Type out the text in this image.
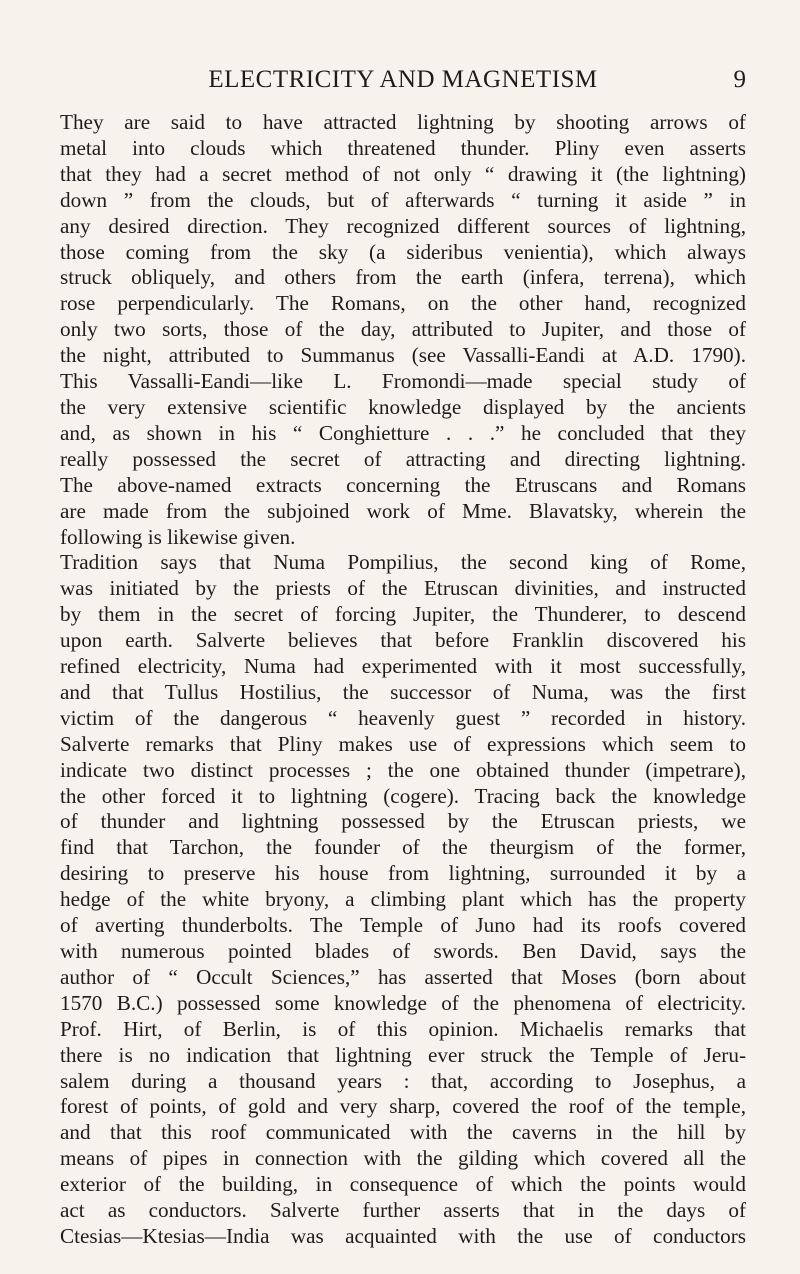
ELECTRICITY AND MAGNETISM	9
They are said to have attracted lightning by shooting arrows of
metal into clouds which threatened thunder. Pliny even asserts
that they had a secret method of not only “ drawing it (the lightning)
down ” from the clouds, but of afterwards “ turning it aside ” in
any desired direction. They recognized different sources of lightning,
those coming from the sky (a sideribus venientia), which always
struck obliquely, and others from the earth (infera, terrena), which
rose perpendicularly. The Romans, on the other hand, recognized
only two sorts, those of the day, attributed to Jupiter, and those of
the night, attributed to Summanus (see Vassalli-Eandi at A.D. 1790).
This Vassalli-Eandi—like L. Fromondi—made special study of
the very extensive scientific knowledge displayed by the ancients
and, as shown in his “ Conghietture . . .” he concluded that they
really possessed the secret of attracting and directing lightning.
The above-named extracts concerning the Etruscans and Romans
are made from the subjoined work of Mme. Blavatsky, wherein the
following is likewise given.
Tradition says that Numa Pompilius, the second king of Rome,
was initiated by the priests of the Etruscan divinities, and instructed
by them in the secret of forcing Jupiter, the Thunderer, to descend
upon earth. Salverte believes that before Franklin discovered his
refined electricity, Numa had experimented with it most successfully,
and that Tullus Hostilius, the successor of Numa, was the first
victim of the dangerous “ heavenly guest ” recorded in history.
Salverte remarks that Pliny makes use of expressions which seem to
indicate two distinct processes ; the one obtained thunder (impetrare),
the other forced it to lightning (cogere). Tracing back the knowledge
of thunder and lightning possessed by the Etruscan priests, we
find that Tarchon, the founder of the theurgism of the former,
desiring to preserve his house from lightning, surrounded it by a
hedge of the white bryony, a climbing plant which has the property
of averting thunderbolts. The Temple of Juno had its roofs covered
with numerous pointed blades of swords. Ben David, says the
author of “ Occult Sciences,” has asserted that Moses (born about
1570 B.C.) possessed some knowledge of the phenomena of electricity.
Prof. Hirt, of Berlin, is of this opinion. Michaelis remarks that
there is no indication that lightning ever struck the Temple of Jeru-
salem during a thousand years : that, according to Josephus, a
forest of points, of gold and very sharp, covered the roof of the temple,
and that this roof communicated with the caverns in the hill by
means of pipes in connection with the gilding which covered all the
exterior of the building, in consequence of which the points would
act as conductors. Salverte further asserts that in the days of
Ctesias—Ktesias—India was acquainted with the use of conductors
